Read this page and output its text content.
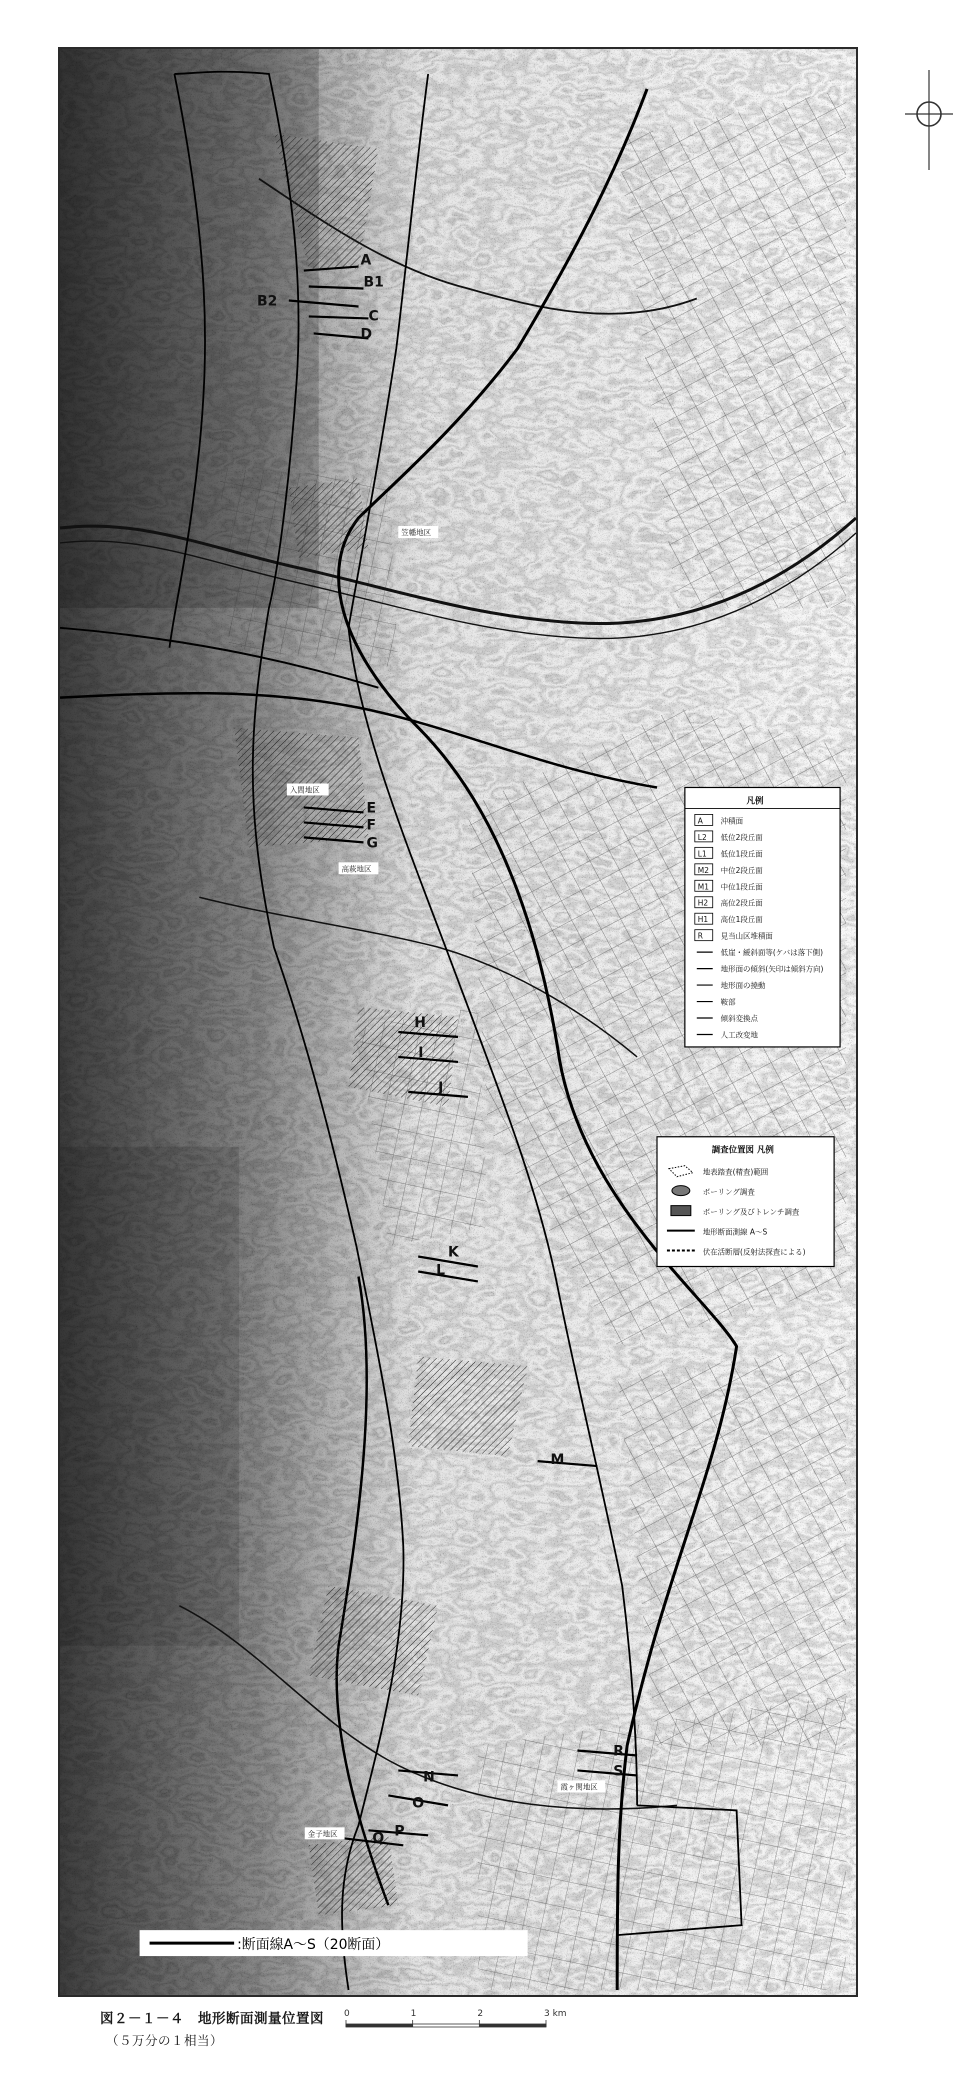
A
B1
B2
C
D
E
F
G
H
I
J
K
L
M
N
O
P
Q
R
S
入間地区
金子地区
霞ヶ関地区
高萩地区
笠幡地区
:断面線A～S（20断面）
凡例
A 沖積面
L2 低位2段丘面
L1 低位1段丘面
M2 中位2段丘面
M1 中位1段丘面
H2 高位2段丘面
H1 高位1段丘面
R 見当山区堆積面
低崖・緩斜面等(ケバは落下側)
地形面の傾斜(矢印は傾斜方向)
地形面の撓動
鞍部
傾斜変換点
人工改変地
調査位置図 凡例
地表踏査(精査)範囲
ボーリング調査
ボーリング及びトレンチ調査
地形断面測線 A～S
伏在活断層(反射法探査による)
図２－１－４　地形断面測量位置図
（５万分の１相当）
0	1	2	3 km
